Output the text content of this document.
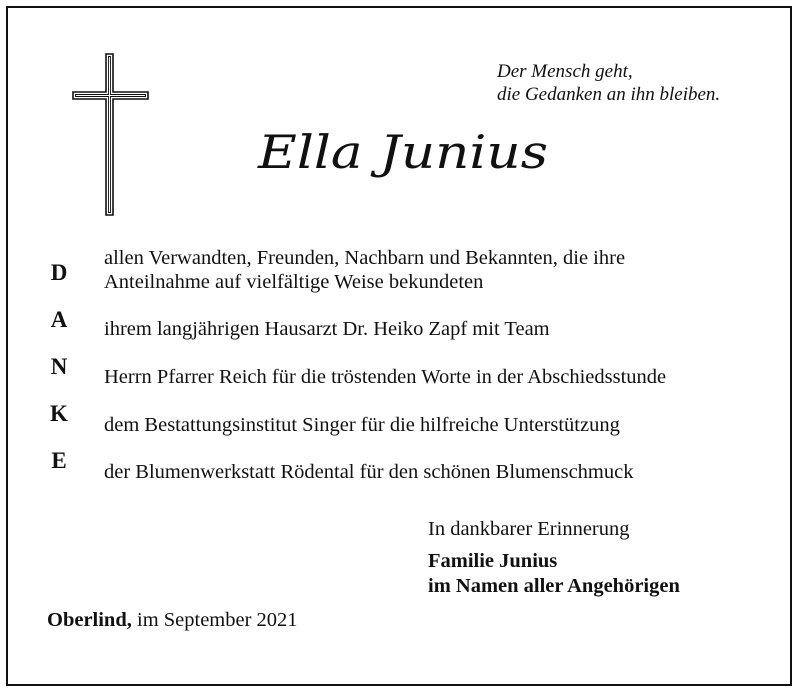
Der Mensch geht,
die Gedanken an ihn bleiben.
Ella Junius
D
A
N
K
E
allen Verwandten, Freunden, Nachbarn und Bekannten, die ihre
Anteilnahme auf vielfältige Weise bekundeten
ihrem langjährigen Hausarzt Dr. Heiko Zapf mit Team
Herrn Pfarrer Reich für die tröstenden Worte in der Abschiedsstunde
dem Bestattungsinstitut Singer für die hilfreiche Unterstützung
der Blumenwerkstatt Rödental für den schönen Blumenschmuck
In dankbarer Erinnerung
Familie Junius
im Namen aller Angehörigen
Oberlind, im September 2021
